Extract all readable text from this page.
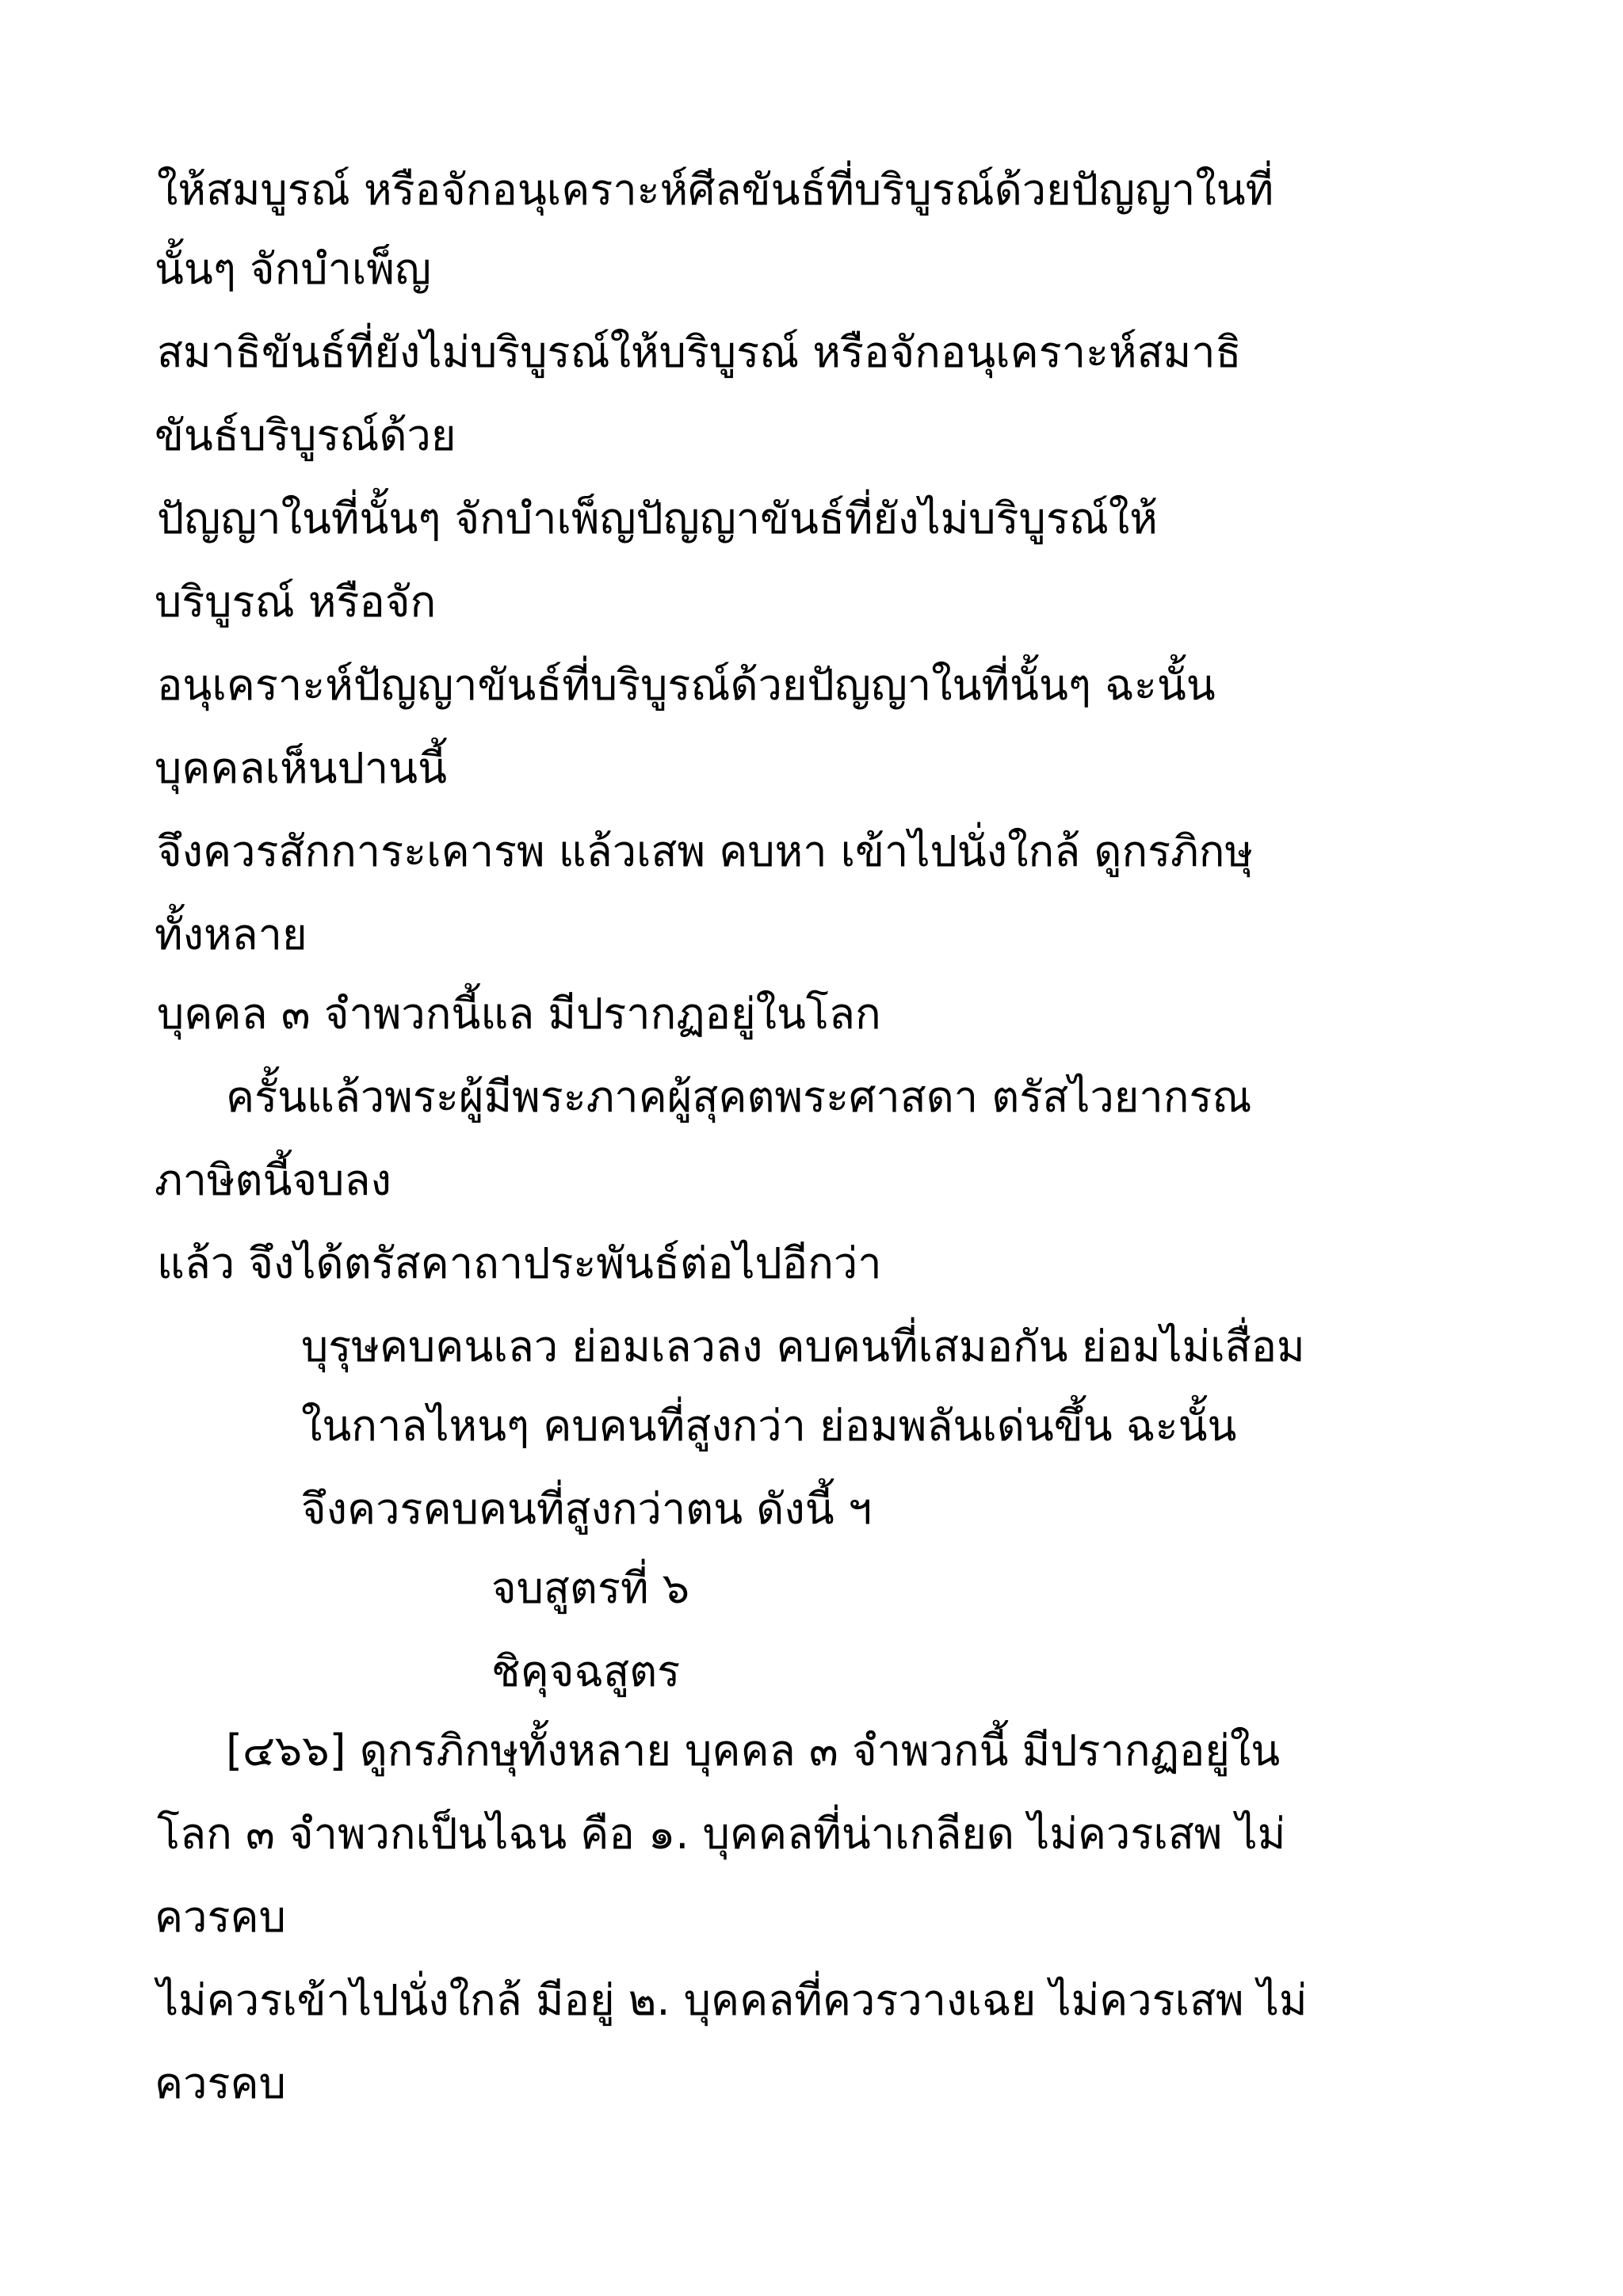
ให้สมบูรณ์ หรือจักอนุเคราะห์ศีลขันธ์ที่บริบูรณ์ด้วยปัญญาในที่
นั้นๆ จักบำเพ็ญ
สมาธิขันธ์ที่ยังไม่บริบูรณ์ให้บริบูรณ์ หรือจักอนุเคราะห์สมาธิ
ขันธ์บริบูรณ์ด้วย
ปัญญาในที่นั้นๆ จักบำเพ็ญปัญญาขันธ์ที่ยังไม่บริบูรณ์ให้
บริบูรณ์ หรือจัก
อนุเคราะห์ปัญญาขันธ์ที่บริบูรณ์ด้วยปัญญาในที่นั้นๆ ฉะนั้น
บุคคลเห็นปานนี้
จึงควรสักการะเคารพ แล้วเสพ คบหา เข้าไปนั่งใกล้ ดูกรภิกษุ
ทั้งหลาย
บุคคล ๓ จำพวกนี้แล มีปรากฏอยู่ในโลก
ครั้นแล้วพระผู้มีพระภาคผู้สุคตพระศาสดา ตรัสไวยากรณ
ภาษิตนี้จบลง
แล้ว จึงได้ตรัสคาถาประพันธ์ต่อไปอีกว่า
บุรุษคบคนเลว ย่อมเลวลง คบคนที่เสมอกัน ย่อมไม่เสื่อม
ในกาลไหนๆ คบคนที่สูงกว่า ย่อมพลันเด่นขึ้น ฉะนั้น
จึงควรคบคนที่สูงกว่าตน ดังนี้ ฯ
จบสูตรที่ ๖
ชิคุจฉสูตร
[๔๖๖] ดูกรภิกษุทั้งหลาย บุคคล ๓ จำพวกนี้ มีปรากฏอยู่ใน
โลก ๓ จำพวกเป็นไฉน คือ ๑. บุคคลที่น่าเกลียด ไม่ควรเสพ ไม่
ควรคบ
ไม่ควรเข้าไปนั่งใกล้ มีอยู่ ๒. บุคคลที่ควรวางเฉย ไม่ควรเสพ ไม่
ควรคบ
